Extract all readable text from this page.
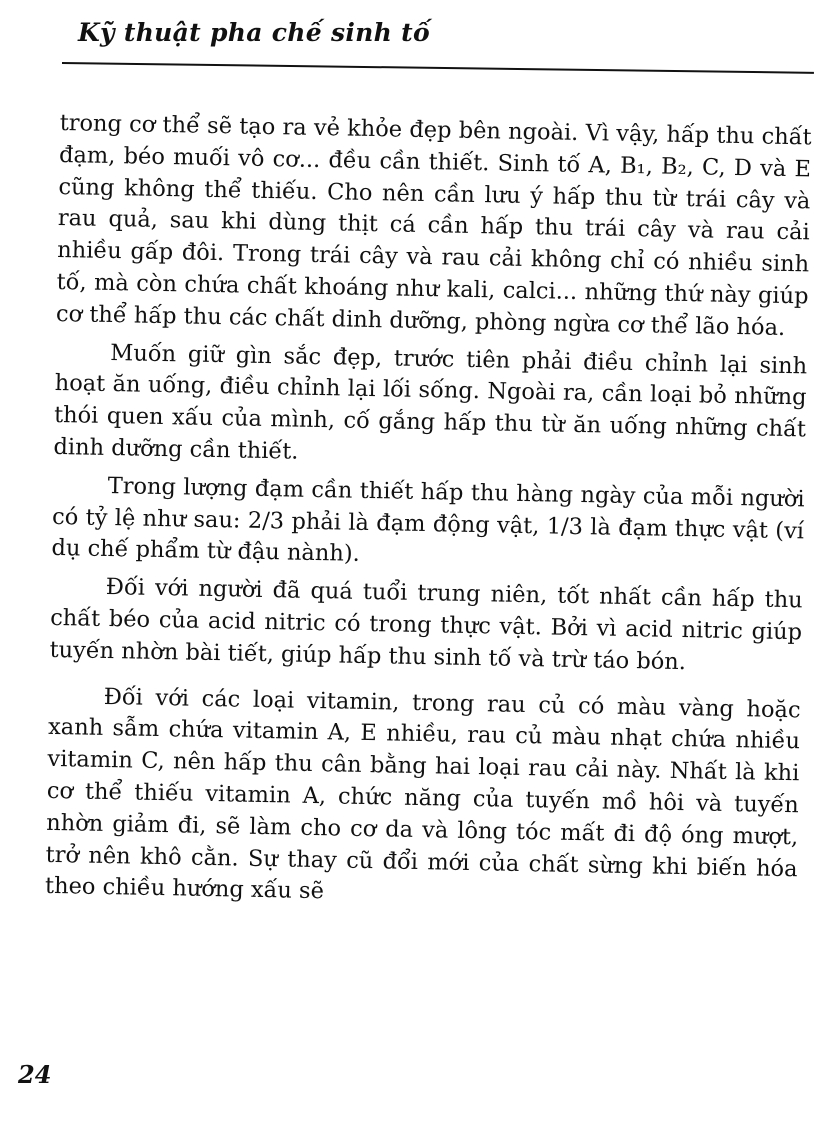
Kỹ thuật pha chế sinh tố

trong cơ thể sẽ tạo ra vẻ khỏe đẹp bên ngoài. Vì vậy, hấp thu chất đạm, béo muối vô cơ... đều cần thiết. Sinh tố A, B₁, B₂, C, D và E cũng không thể thiếu. Cho nên cần lưu ý hấp thu từ trái cây và rau quả, sau khi dùng thịt cá cần hấp thu trái cây và rau cải nhiều gấp đôi. Trong trái cây và rau cải không chỉ có nhiều sinh tố, mà còn chứa chất khoáng như kali, calci... những thứ này giúp cơ thể hấp thu các chất dinh dưỡng, phòng ngừa cơ thể lão hóa.

Muốn giữ gìn sắc đẹp, trước tiên phải điều chỉnh lại sinh hoạt ăn uống, điều chỉnh lại lối sống. Ngoài ra, cần loại bỏ những thói quen xấu của mình, cố gắng hấp thu từ ăn uống những chất dinh dưỡng cần thiết.

Trong lượng đạm cần thiết hấp thu hàng ngày của mỗi người có tỷ lệ như sau: 2/3 phải là đạm động vật, 1/3 là đạm thực vật (ví dụ chế phẩm từ đậu nành).

Đối với người đã quá tuổi trung niên, tốt nhất cần hấp thu chất béo của acid nitric có trong thực vật. Bởi vì acid nitric giúp tuyến nhờn bài tiết, giúp hấp thu sinh tố và trừ táo bón.

Đối với các loại vitamin, trong rau củ có màu vàng hoặc xanh sẫm chứa vitamin A, E nhiều, rau củ màu nhạt chứa nhiều vitamin C, nên hấp thu cân bằng hai loại rau cải này. Nhất là khi cơ thể thiếu vitamin A, chức năng của tuyến mồ hôi và tuyến nhờn giảm đi, sẽ làm cho cơ da và lông tóc mất đi độ óng mượt, trở nên khô cằn. Sự thay cũ đổi mới của chất sừng khi biến hóa theo chiều hướng xấu sẽ

24
